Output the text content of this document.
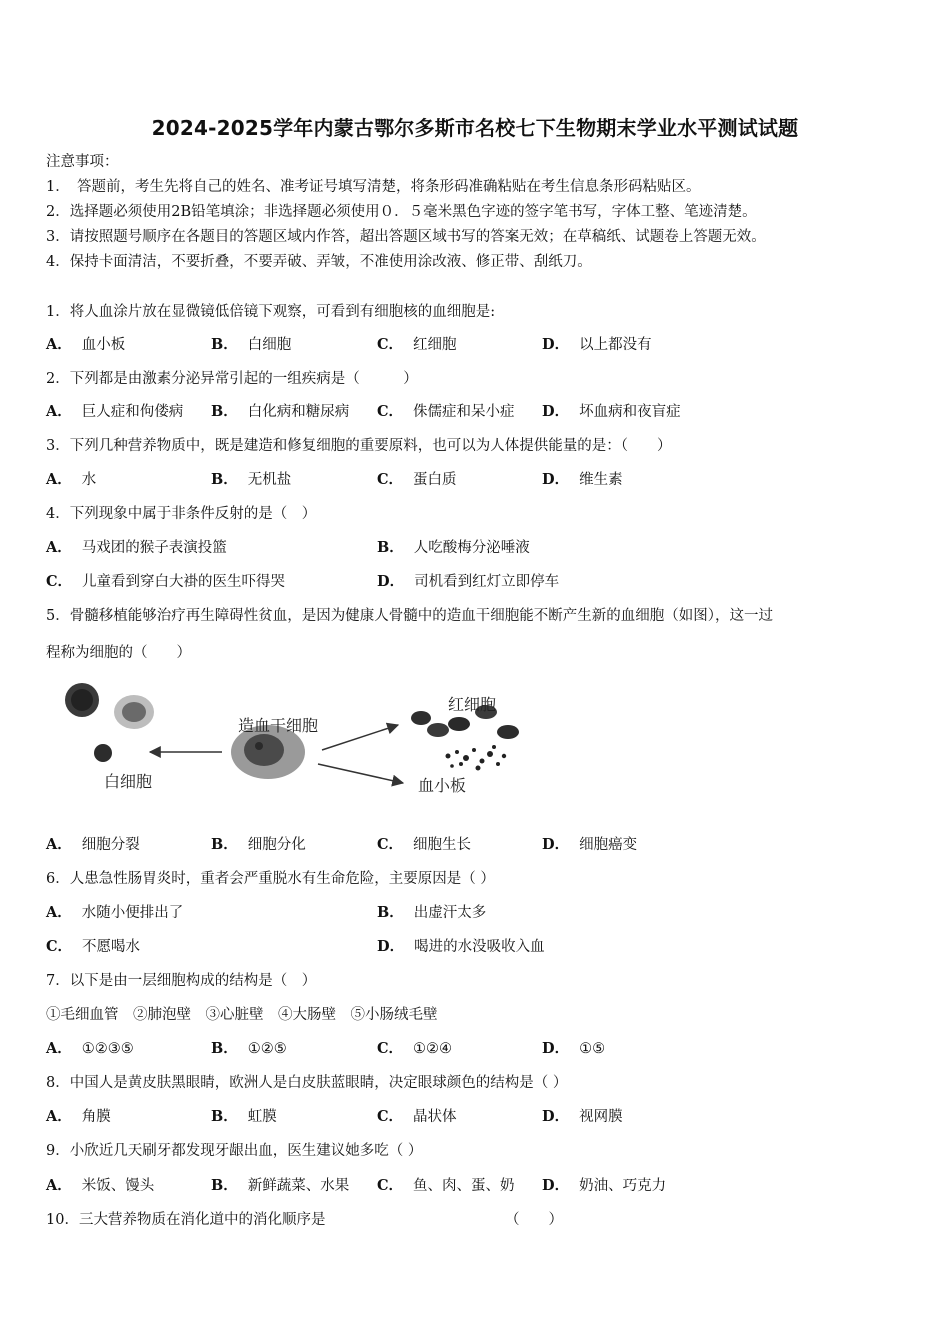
2024-2025学年内蒙古鄂尔多斯市名校七下生物期末学业水平测试试题
注意事项：
1．　答题前，考生先将自己的姓名、准考证号填写清楚，将条形码准确粘贴在考生信息条形码粘贴区。
2．选择题必须使用2B铅笔填涂；非选择题必须使用０．５毫米黑色字迹的签字笔书写，字体工整、笔迹清楚。
3．请按照题号顺序在各题目的答题区域内作答，超出答题区域书写的答案无效；在草稿纸、试题卷上答题无效。
4．保持卡面清洁，不要折叠，不要弄破、弄皱，不准使用涂改液、修正带、刮纸刀。
1．将人血涂片放在显微镜低倍镜下观察，可看到有细胞核的血细胞是:
A． 血小板	B． 白细胞	C． 红细胞	D． 以上都没有
2．下列都是由激素分泌异常引起的一组疾病是（　　　）
A． 巨人症和佝偻病 B． 白化病和糖尿病 C． 侏儒症和呆小症 D． 坏血病和夜盲症
3．下列几种营养物质中，既是建造和修复细胞的重要原料，也可以为人体提供能量的是：（　　）
A． 水	B． 无机盐	C． 蛋白质	D． 维生素
4．下列现象中属于非条件反射的是（　）
A． 马戏团的猴子表演投篮	B． 人吃酸梅分泌唾液
C． 儿童看到穿白大褂的医生吓得哭	D． 司机看到红灯立即停车
5．骨髓移植能够治疗再生障碍性贫血，是因为健康人骨髓中的造血干细胞能不断产生新的血细胞（如图），这一过
程称为细胞的（　　）
白细胞
造血干细胞
红细胞
血小板
A． 细胞分裂	B． 细胞分化	C． 细胞生长	D． 细胞癌变
6．人患急性肠胃炎时，重者会严重脱水有生命危险，主要原因是（ ）
A． 水随小便排出了	B． 出虚汗太多
C． 不愿喝水	D． 喝进的水没吸收入血
7．以下是由一层细胞构成的结构是（　）
①毛细血管　②肺泡壁　③心脏壁　④大肠壁　⑤小肠绒毛壁
A． ①②③⑤	B． ①②⑤	C． ①②④	D． ①⑤
8．中国人是黄皮肤黑眼睛，欧洲人是白皮肤蓝眼睛，决定眼球颜色的结构是（ ）
A． 角膜	B． 虹膜	C． 晶状体	D． 视网膜
9．小欣近几天刷牙都发现牙龈出血，医生建议她多吃（ ）
A． 米饭、馒头	B． 新鲜蔬菜、水果 C． 鱼、肉、蛋、奶 D． 奶油、巧克力
10．三大营养物质在消化道中的消化顺序是	（　　）
